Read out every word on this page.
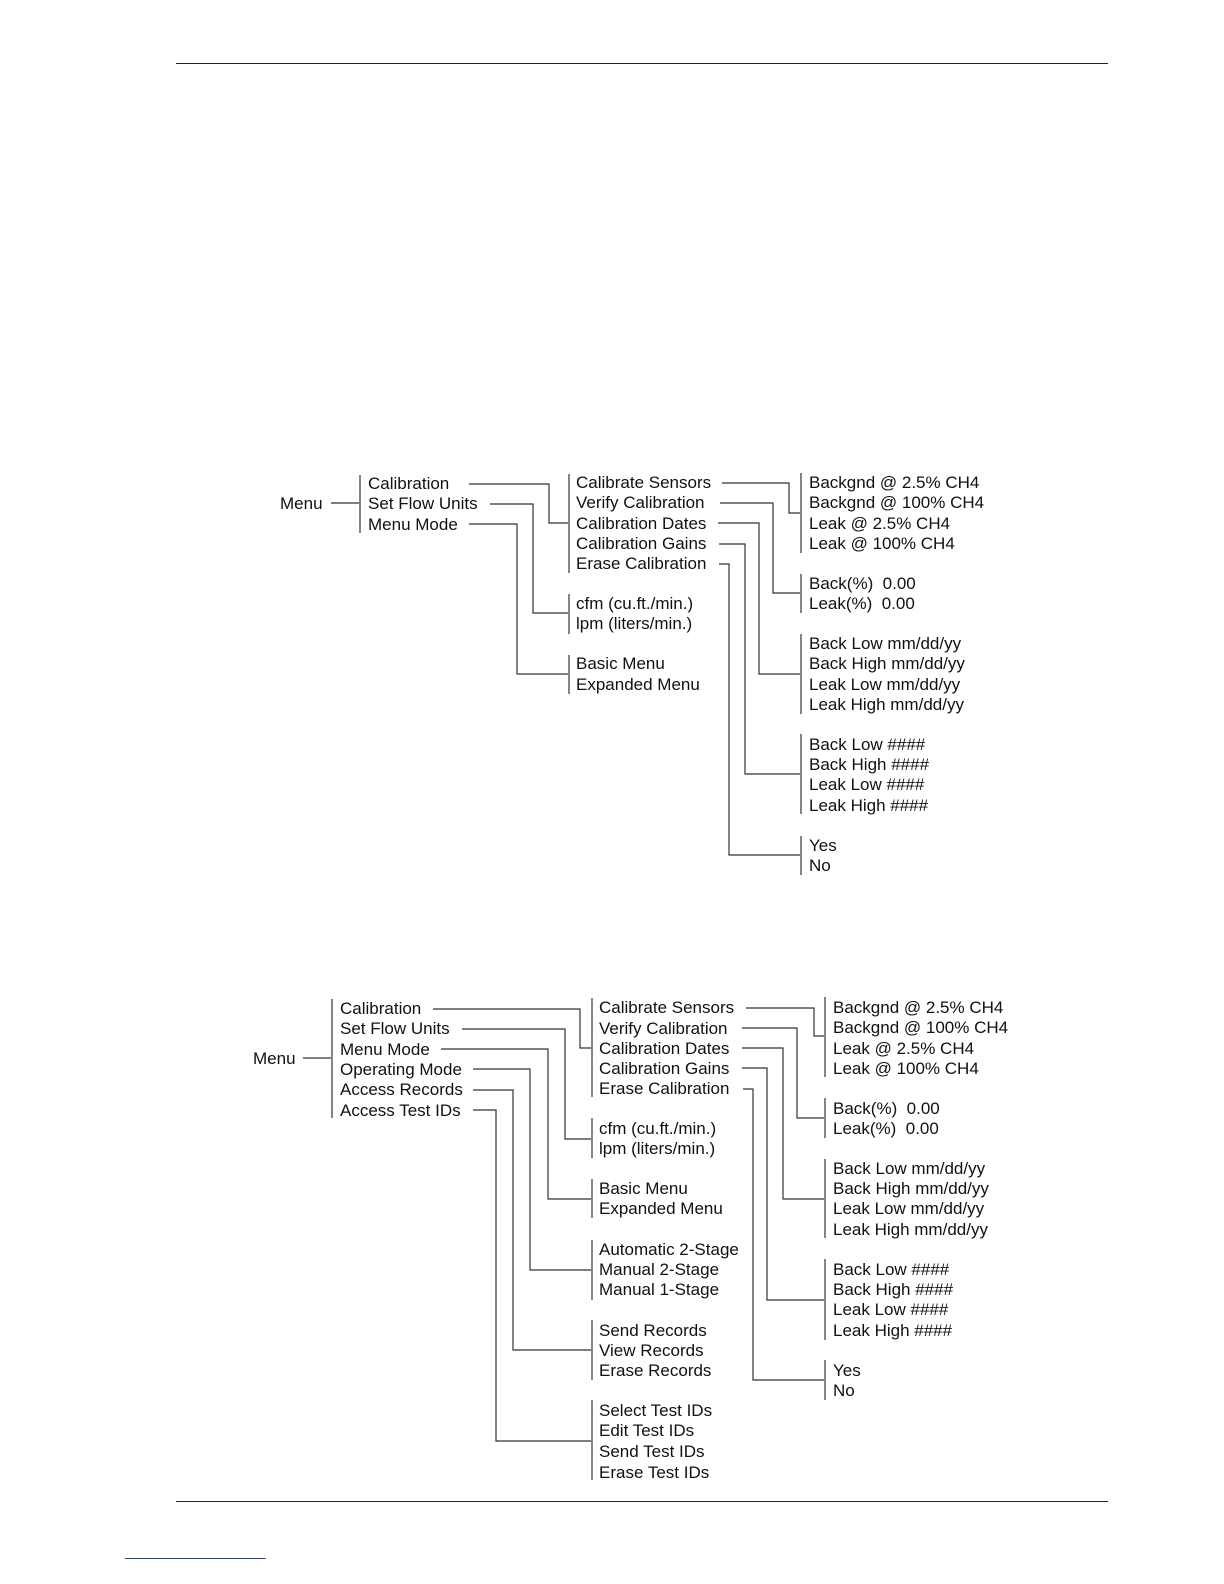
Menu
Calibration
Set Flow Units
Menu Mode
Calibrate Sensors
Verify Calibration
Calibration Dates
Calibration Gains
Erase Calibration
cfm (cu.ft./min.)
lpm (liters/min.)
Basic Menu
Expanded Menu
Backgnd @ 2.5% CH4
Backgnd @ 100% CH4
Leak @ 2.5% CH4
Leak @ 100% CH4
Back(%)  0.00
Leak(%)  0.00
Back Low mm/dd/yy
Back High mm/dd/yy
Leak Low mm/dd/yy
Leak High mm/dd/yy
Back Low ####
Back High ####
Leak Low ####
Leak High ####
Yes
No
Menu
Calibration
Set Flow Units
Menu Mode
Operating Mode
Access Records
Access Test IDs
Calibrate Sensors
Verify Calibration
Calibration Dates
Calibration Gains
Erase Calibration
cfm (cu.ft./min.)
lpm (liters/min.)
Basic Menu
Expanded Menu
Automatic 2-Stage
Manual 2-Stage
Manual 1-Stage
Send Records
View Records
Erase Records
Select Test IDs
Edit Test IDs
Send Test IDs
Erase Test IDs
Backgnd @ 2.5% CH4
Backgnd @ 100% CH4
Leak @ 2.5% CH4
Leak @ 100% CH4
Back(%)  0.00
Leak(%)  0.00
Back Low mm/dd/yy
Back High mm/dd/yy
Leak Low mm/dd/yy
Leak High mm/dd/yy
Back Low ####
Back High ####
Leak Low ####
Leak High ####
Yes
No
